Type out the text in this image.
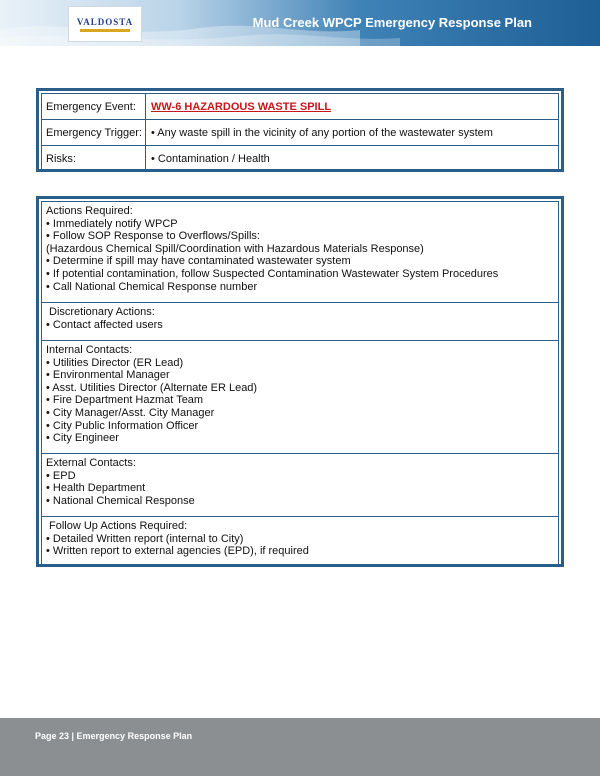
VALDOSTA	Mud Creek WPCP Emergency Response Plan
Emergency Event:	WW-6 HAZARDOUS WASTE SPILL
Emergency Trigger: • Any waste spill in the vicinity of any portion of the wastewater system
Risks:	• Contamination / Health
Actions Required:
• Immediately notify WPCP
• Follow SOP Response to Overflows/Spills:
(Hazardous Chemical Spill/Coordination with Hazardous Materials Response)
• Determine if spill may have contaminated wastewater system
• If potential contamination, follow Suspected Contamination Wastewater System Procedures
• Call National Chemical Response number
Discretionary Actions:
• Contact affected users
Internal Contacts:
• Utilities Director (ER Lead)
• Environmental Manager
• Asst. Utilities Director (Alternate ER Lead)
• Fire Department Hazmat Team
• City Manager/Asst. City Manager
• City Public Information Officer
• City Engineer
External Contacts:
• EPD
• Health Department
• National Chemical Response
Follow Up Actions Required:
• Detailed Written report (internal to City)
• Written report to external agencies (EPD), if required
Page 23 | Emergency Response Plan
